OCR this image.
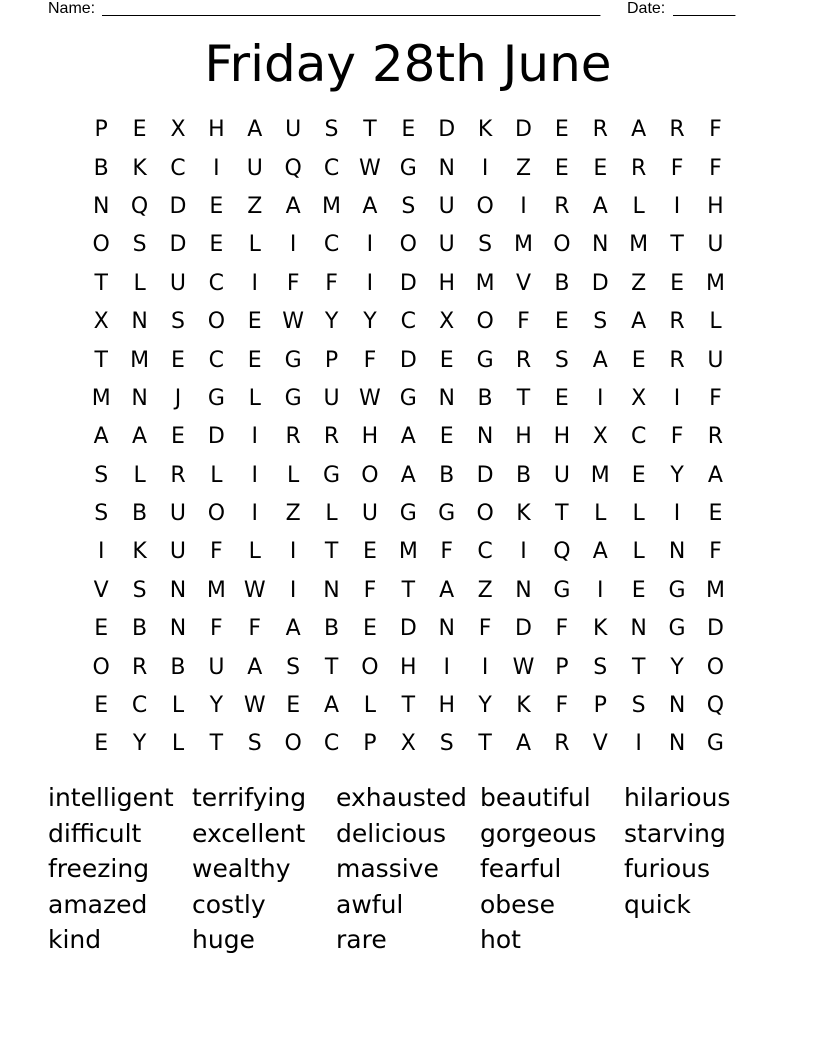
Name: ________________________________________________________	Date: _______
Friday 28th June
P	E	X	H	A	U	S	T	E	D	K	D	E	R	A	R	F
B	K	C	I	U Q	C W G N	I	Z	E	E	R	F	F
N Q D	E	Z	A M A	S	U O	I	R	A	L	I	H
O	S	D	E	L	I	C	I	O U	S M O N M	T	U
T	L	U	C	I	F	F	I	D H M V	B	D	Z	E M
X	N	S	O	E W Y	Y	C	X	O	F	E	S	A	R	L
T	M E	C	E	G	P	F	D	E	G	R	S	A	E	R	U
M N	J	G	L	G U W G N	B	T	E	I	X	I	F
A	A	E	D	I	R	R	H	A	E	N H H	X	C	F	R
S	L	R	L	I	L	G O	A	B	D	B	U M E	Y	A
S	B	U O	I	Z	L	U G G O	K	T	L	L	I	E
I	K	U	F	L	I	T	E M	F	C	I	Q	A	L	N	F
V	S	N M W	I	N	F	T	A	Z	N G	I	E	G M
E	B	N	F	F	A	B	E	D N	F	D	F	K	N G D
O	R	B	U	A	S	T	O H	I	I	W P	S	T	Y	O
E	C	L	Y W E	A	L	T	H	Y	K	F	P	S	N Q
E	Y	L	T	S	O	C	P	X	S	T	A	R	V	I	N G
intelligent terrifying	exhausted beautiful	hilarious
difficult	excellent	delicious	gorgeous	starving
freezing	wealthy	massive	fearful	furious
amazed	costly	awful	obese	quick
kind	huge	rare	hot
